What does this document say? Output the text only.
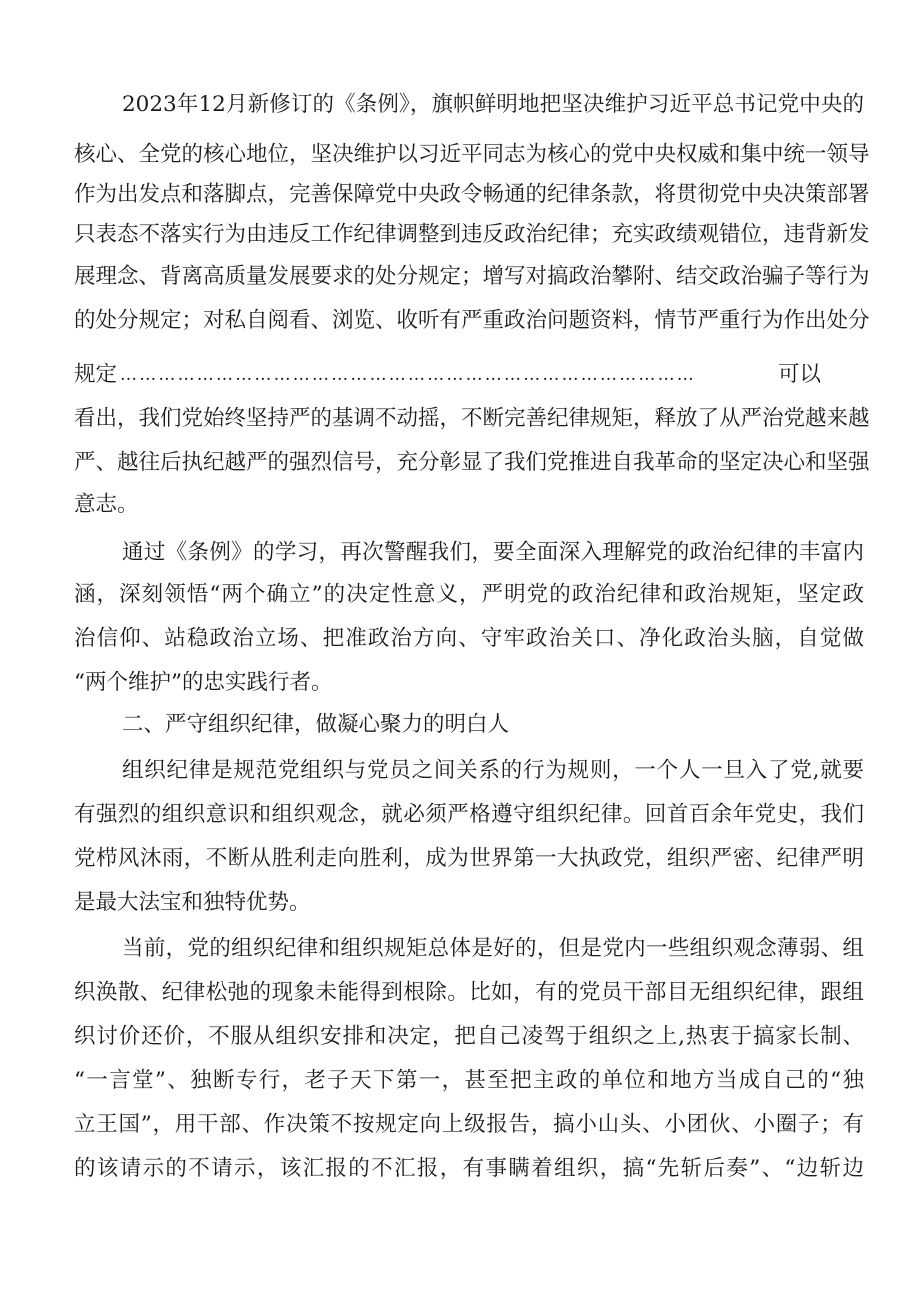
2023年12月新修订的《条例》，旗帜鲜明地把坚决维护习近平总书记党中央的
核心、全党的核心地位，坚决维护以习近平同志为核心的党中央权威和集中统一领导
作为出发点和落脚点，完善保障党中央政令畅通的纪律条款，将贯彻党中央决策部署
只表态不落实行为由违反工作纪律调整到违反政治纪律；充实政绩观错位，违背新发
展理念、背离高质量发展要求的处分规定；增写对搞政治攀附、结交政治骗子等行为
的处分规定；对私自阅看、浏览、收听有严重政治问题资料，情节严重行为作出处分
规定 ………………………………………………………………………………	可以
看出，我们党始终坚持严的基调不动摇，不断完善纪律规矩，释放了从严治党越来越
严、越往后执纪越严的强烈信号，充分彰显了我们党推进自我革命的坚定决心和坚强
意志。
通过《条例》的学习，再次警醒我们，要全面深入理解党的政治纪律的丰富内
涵，深刻领悟“两个确立”的决定性意义，严明党的政治纪律和政治规矩，坚定政
治信仰、站稳政治立场、把准政治方向、守牢政治关口、净化政治头脑，自觉做
“两个维护”的忠实践行者。
二、严守组织纪律，做凝心聚力的明白人
组织纪律是规范党组织与党员之间关系的行为规则，一个人一旦入了党,就要
有强烈的组织意识和组织观念，就必须严格遵守组织纪律。回首百余年党史，我们
党栉风沐雨，不断从胜利走向胜利，成为世界第一大执政党，组织严密、纪律严明
是最大法宝和独特优势。
当前，党的组织纪律和组织规矩总体是好的，但是党内一些组织观念薄弱、组
织涣散、纪律松弛的现象未能得到根除。比如，有的党员干部目无组织纪律，跟组
织讨价还价，不服从组织安排和决定，把自己凌驾于组织之上,热衷于搞家长制、
“一言堂”、独断专行，老子天下第一，甚至把主政的单位和地方当成自己的“独
立王国”，用干部、作决策不按规定向上级报告，搞小山头、小团伙、小圈子；有
的该请示的不请示，该汇报的不汇报，有事瞒着组织，搞“先斩后奏”、“边斩边
